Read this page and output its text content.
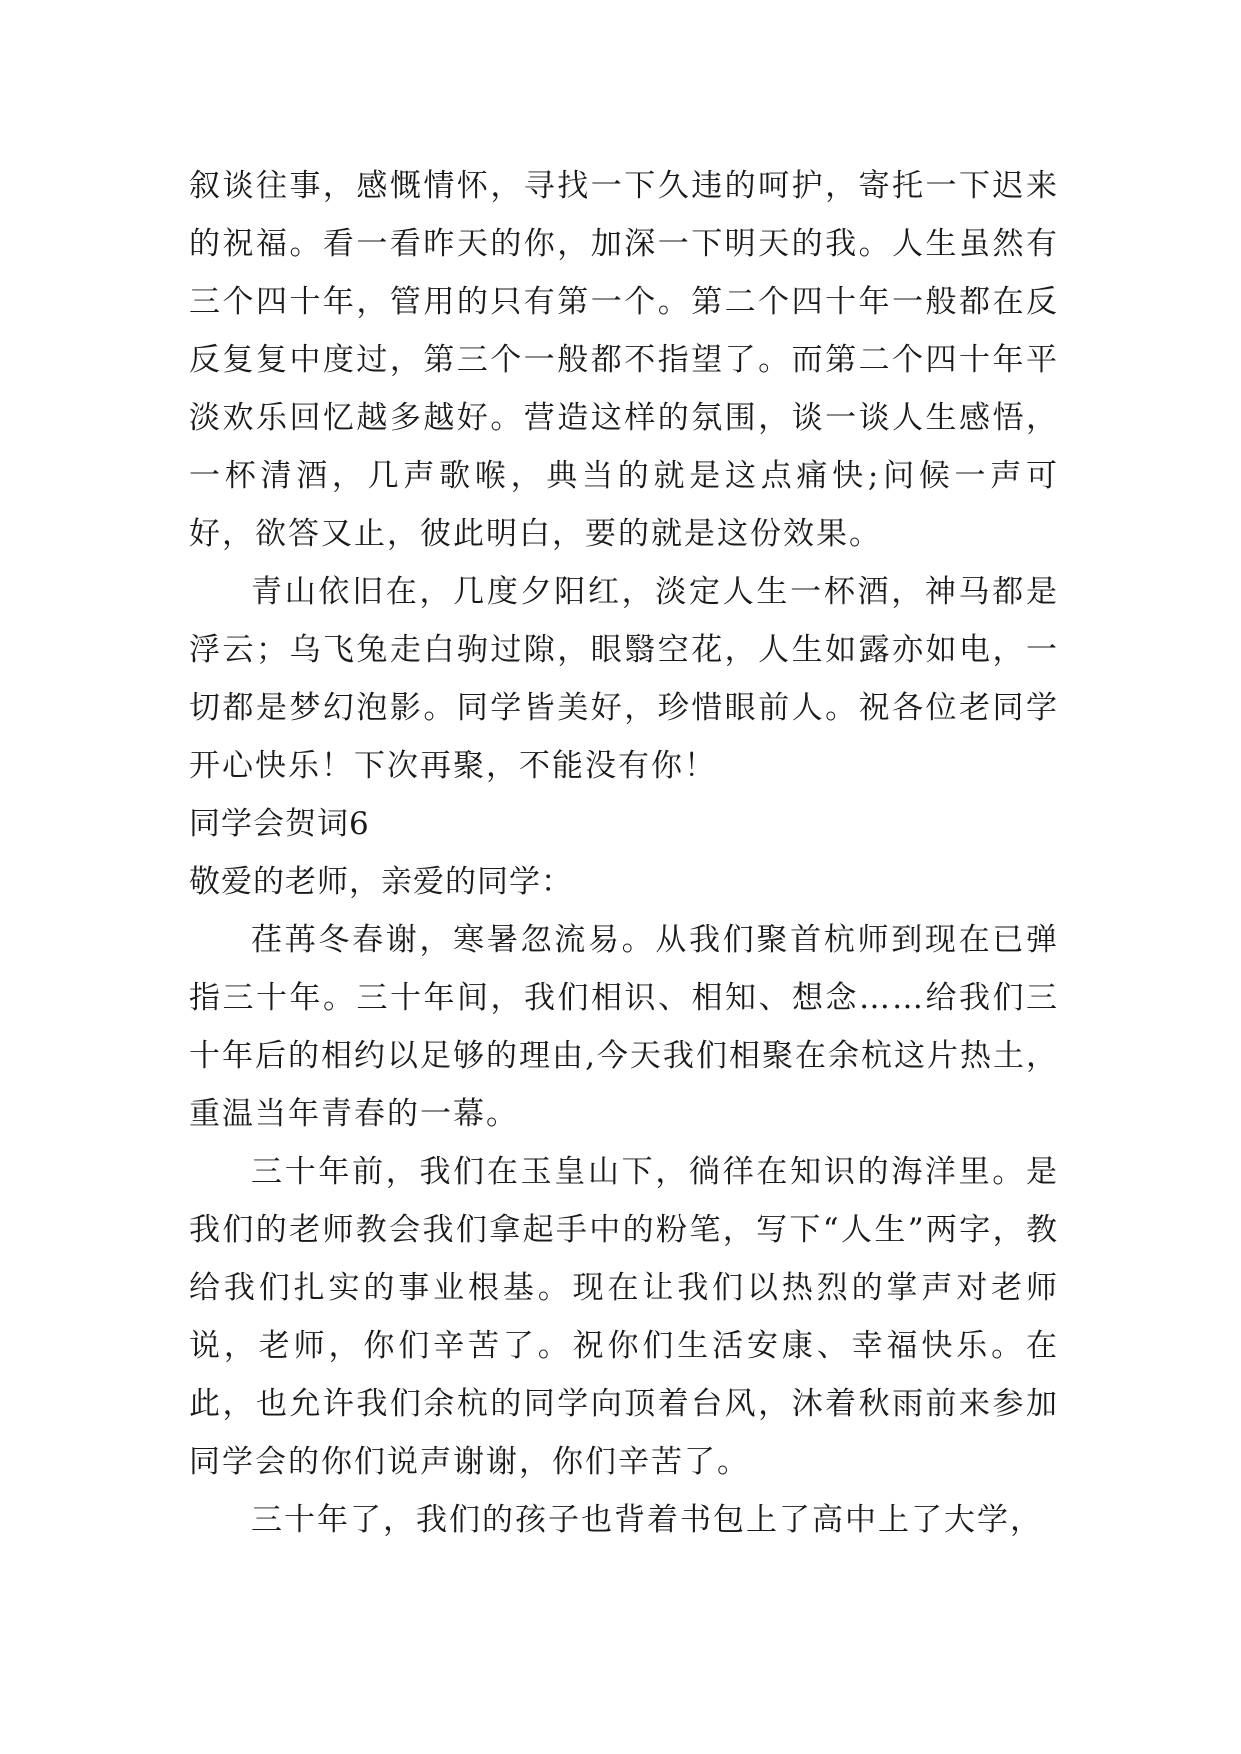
叙谈往事，感慨情怀，寻找一下久违的呵护，寄托一下迟来的祝福。看一看昨天的你，加深一下明天的我。人生虽然有三个四十年，管用的只有第一个。第二个四十年一般都在反反复复中度过，第三个一般都不指望了。而第二个四十年平淡欢乐回忆越多越好。营造这样的氛围，谈一谈人生感悟，一杯清酒，几声歌喉，典当的就是这点痛快;问候一声可好，欲答又止，彼此明白，要的就是这份效果。

青山依旧在，几度夕阳红，淡定人生一杯酒，神马都是浮云；乌飞兔走白驹过隙，眼翳空花，人生如露亦如电，一切都是梦幻泡影。同学皆美好，珍惜眼前人。祝各位老同学开心快乐！下次再聚，不能没有你！

同学会贺词6

敬爱的老师，亲爱的同学：

荏苒冬春谢，寒暑忽流易。从我们聚首杭师到现在已弹指三十年。三十年间，我们相识、相知、想念……给我们三十年后的相约以足够的理由,今天我们相聚在余杭这片热土，重温当年青春的一幕。

三十年前，我们在玉皇山下，徜徉在知识的海洋里。是我们的老师教会我们拿起手中的粉笔，写下“人生”两字，教给我们扎实的事业根基。现在让我们以热烈的掌声对老师说，老师，你们辛苦了。祝你们生活安康、幸福快乐。在此，也允许我们余杭的同学向顶着台风，沐着秋雨前来参加同学会的你们说声谢谢，你们辛苦了。

三十年了，我们的孩子也背着书包上了高中上了大学，
